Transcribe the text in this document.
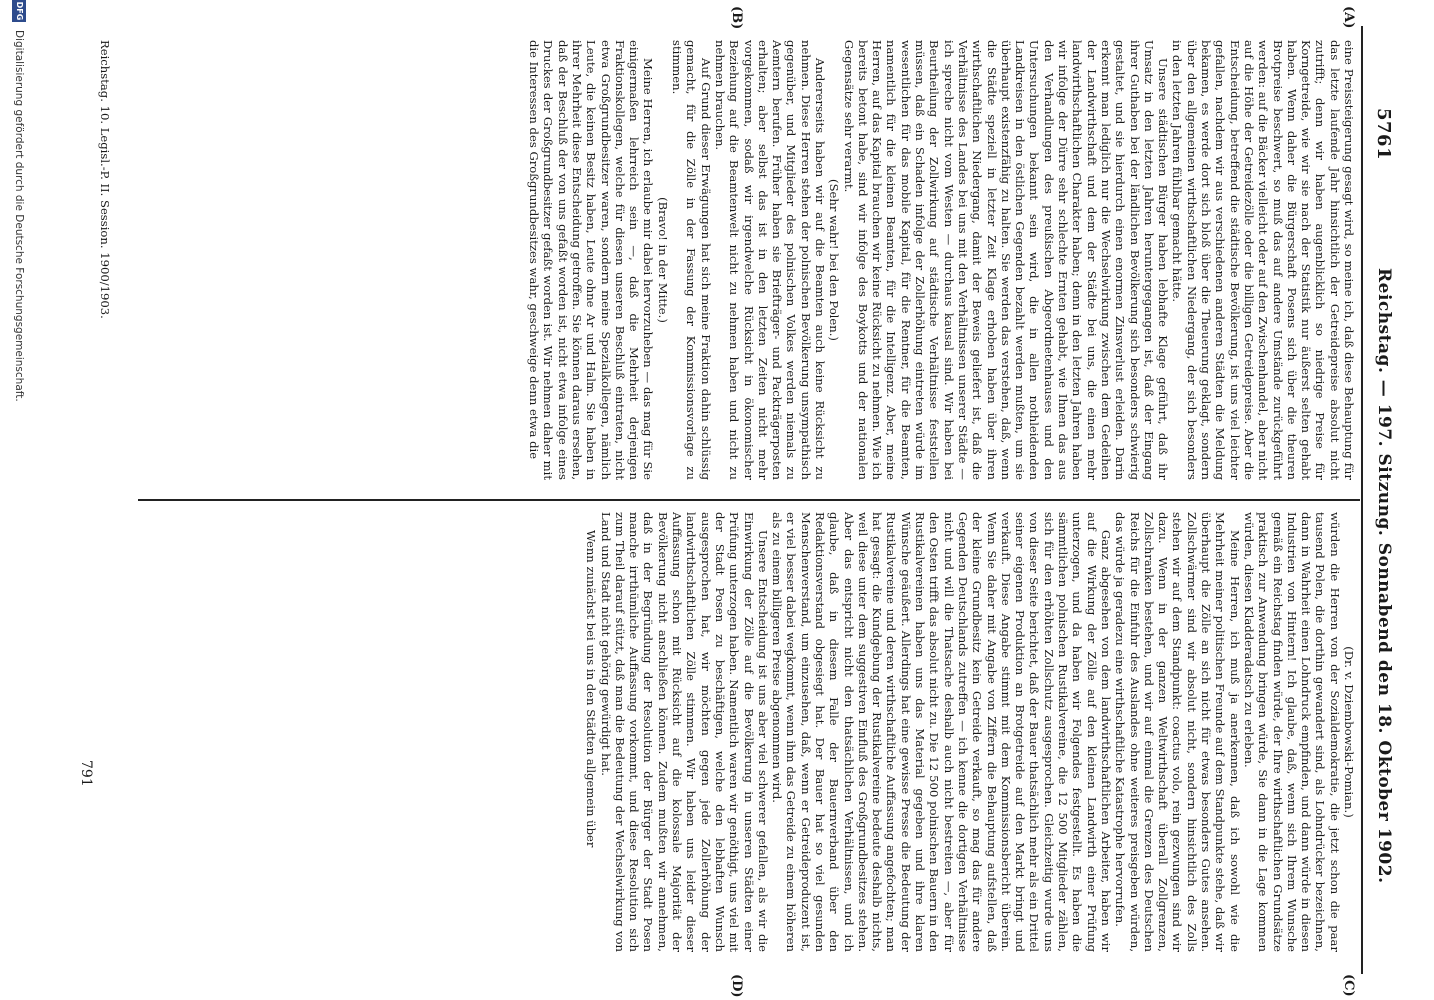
5761
Reichstag. — 197. Sitzung. Sonnabend den 18. Oktober 1902.
(C)
(D)
(A)
(B)

eine Preissteigerung gesagt wird, so meine ich, daß diese Behauptung für das letzte laufende Jahr hinsichtlich der Getreidepreise absolut nicht zutrifft; denn wir haben augenblicklich so niedrige Preise für Korngetreide, wie wir sie nach der Statistik nur äußerst selten gehabt haben. Wenn daher die Bürgerschaft Posens sich über die theuren Brotpreise beschwert, so muß das auf andere Umstände zurückgeführt werden: auf die Bäcker vielleicht oder auf den Zwischenhandel, aber nicht auf die Höhe der Getreidezölle oder die billigen Getreidepreise. Aber die Entscheidung, betreffend die städtische Bevölkerung, ist uns viel leichter gefallen, nachdem wir aus verschiedenen anderen Städten die Meldung bekamen, es werde dort sich bloß über die Theuerung geklagt, sondern über den allgemeinen wirthschaftlichen Niedergang, der sich besonders in den letzten Jahren fühlbar gemacht hätte.

Unsere städtischen Bürger haben lebhafte Klage geführt, daß ihr Umsatz in den letzten Jahren heruntergegangen ist, daß der Eingang ihrer Guthaben bei der ländlichen Bevölkerung sich besonders schwierig gestaltet, und sie hierdurch einen enormen Zinsverlust erleiden. Darin erkennt man lediglich nur die Wechselwirkung zwischen dem Gedeihen der Landwirthschaft und dem der Städte bei uns, die einen mehr landwirthschaftlichen Charakter haben; denn in den letzten Jahren haben wir infolge der Dürre sehr schlechte Ernten gehabt, wie Ihnen das aus den Verhandlungen des preußischen Abgeordnetenhauses und den Untersuchungen bekannt sein wird, die in allen nothleidenden Landkreisen in den östlichen Gegenden bezahlt werden mußten, um sie überhaupt existenzfähig zu halten. Sie werden das verstehen, daß, wenn die Städte speziell in letzter Zeit Klage erhoben haben über ihren wirthschaftlichen Niedergang, damit der Beweis geliefert ist, daß die Verhältnisse des Landes bei uns mit den Verhältnissen unserer Städte — ich spreche nicht vom Westen — durchaus kausal sind. Wir haben bei Beurtheilung der Zollwirkung auf städtische Verhältnisse feststellen müssen, daß ein Schaden infolge der Zollerhöhung eintreten würde im wesentlichen für das mobile Kapital, für die Rentner, für die Beamten, namentlich für die kleinen Beamten, für die Intelligenz. Aber, meine Herren, auf das Kapital brauchen wir keine Rücksicht zu nehmen. Wie ich bereits betont habe, sind wir infolge des Boykotts und der nationalen Gegensätze sehr verarmt.

(Sehr wahr! bei den Polen.)

Andererseits haben wir auf die Beamten auch keine Rücksicht zu nehmen. Diese Herren stehen der polnischen Bevölkerung unsympathisch gegenüber, und Mitglieder des polnischen Volkes werden niemals zu Aemtern berufen. Früher haben sie Briefträger- und Packträgerposten erhalten; aber selbst das ist in den letzten Zeiten nicht mehr vorgekommen, sodaß wir irgendwelche Rücksicht in ökonomischer Beziehung auf die Beamtenwelt nicht zu nehmen haben und nicht zu nehmen brauchen.

Auf Grund dieser Erwägungen hat sich meine Fraktion dahin schlüssig gemacht, für die Zölle in der Fassung der Kommissionsvorlage zu stimmen.

(Bravo! in der Mitte.)

Meine Herren, ich erlaube mir dabei hervorzuheben — das mag für Sie einigermaßen lehrreich sein —, daß die Mehrheit derjenigen Fraktionskollegen, welche für diesen unseren Beschluß eintraten, nicht etwa Großgrundbesitzer waren, sondern meine Spezialkollegen, nämlich Leute, die keinen Besitz haben, Leute ohne Ar und Halm. Sie haben in ihrer Mehrheit diese Entscheidung getroffen. Sie können daraus ersehen, daß der Beschluß der von uns gefaßt worden ist, nicht etwa infolge eines Druckes der Großgrundbesitzer gefaßt worden ist. Wir nehmen daher mit die Interessen des Großgrundbesitzes wahr, geschweige denn etwa die

(Dr. v. Dziembowski-Pomian.)

würden die Herren von der Sozialdemokratie, die jetzt schon die paar tausend Polen, die dorthin gewandert sind, als Lohndrücker bezeichnen, dann in Wahrheit einen Lohndruck empfinden, und dann würde in diesen Industrien von Hintern! Ich glaube, daß, wenn sich Ihrem Wunsche gemäß ein Reichstag finden würde, der Ihre wirthschaftlichen Grundsätze praktisch zur Anwendung bringen würde, Sie dann in die Lage kommen würden, diesen Kladderadatsch zu erleben.

Meine Herren, ich muß ja anerkennen, daß ich sowohl wie die Mehrheit meiner politischen Freunde auf dem Standpunkte stehe, daß wir überhaupt die Zölle an sich nicht für etwas besonders Gutes ansehen. Zollschwärmer sind wir absolut nicht, sondern hinsichtlich des Zolls stehen wir auf dem Standpunkt: coactus volo, rein gezwungen sind wir dazu. Wenn in der ganzen Weltwirthschaft überall Zollgrenzen, Zollschranken bestehen, und wir auf einmal die Grenzen des Deutschen Reichs für die Einfuhr des Auslandes ohne weiteres preisgeben würden, das würde ja geradezu eine wirthschaftliche Katastrophe hervorrufen.

Ganz abgesehen von dem landwirthschaftlichen Arbeiter, haben wir auf die Wirkung der Zölle auf den kleinen Landwirth einer Prüfung unterzogen, und da haben wir Folgendes festgestellt. Es haben die sämmtlichen polnischen Rustikalvereine, die 12 500 Mitglieder zählen, sich für den erhöhten Zollschutz ausgesprochen. Gleichzeitig wurde uns von dieser Seite berichtet, daß der Bauer thatsächlich mehr als ein Drittel seiner eigenen Produktion an Brotgetreide auf den Markt bringt und verkauft. Diese Angabe stimmt mit dem Kommissionsbericht überein. Wenn Sie daher mit Angabe von Ziffern die Behauptung aufstellen, daß der kleine Grundbesitz kein Getreide verkauft, so mag das für andere Gegenden Deutschlands zutreffen — ich kenne die dortigen Verhältnisse nicht und will die Thatsache deshalb auch nicht bestreiten —, aber für den Osten trifft das absolut nicht zu. Die 12 500 polnischen Bauern in den Rustikalvereinen haben uns das Material gegeben und ihre klaren Wünsche geäußert. Allerdings hat eine gewisse Presse die Bedeutung der Rustikalvereine und deren wirthschaftliche Auffassung angefochten; man hat gesagt: die Kundgebung der Rustikalvereine bedeute deshalb nichts, weil diese unter dem suggestiven Einfluß des Großgrundbesitzes stehen. Aber das entspricht nicht den thatsächlichen Verhältnissen, und ich glaube, daß in diesem Falle der Bauernverband über den Redaktionsverstand obgesiegt hat. Der Bauer hat so viel gesunden Menschenverstand, um einzusehen, daß, wenn er Getreideproduzent ist, er viel besser dabei wegkommt, wenn ihm das Getreide zu einem höheren als zu einem billigeren Preise abgenommen wird.

Unsere Entscheidung ist uns aber viel schwerer gefallen, als wir die Einwirkung der Zölle auf die Bevölkerung in unseren Städten einer Prüfung unterzogen haben. Namentlich waren wir genöthigt, uns viel mit der Stadt Posen zu beschäftigen, welche den lebhaften Wunsch ausgesprochen hat, wir möchten gegen jede Zollerhöhung der landwirthschaftlichen Zölle stimmen. Wir haben uns leider dieser Auffassung schon mit Rücksicht auf die kolossale Majorität der Bevölkerung nicht anschließen können. Zudem mußten wir annehmen, daß in der Begründung der Resolution der Bürger der Stadt Posen manche irrthümliche Auffassung vorkommt, und diese Resolution sich zum Theil darauf stützt, daß man die Bedeutung der Wechselwirkung von Land und Stadt nicht gehörig gewürdigt hat.

Wenn zunächst bei uns in den Städten allgemein über

Reichstag. 10. Legisl.-P. II. Session. 1900/1903.
791
DFG
Digitalisierung gefördert durch die Deutsche Forschungsgemeinschaft.
